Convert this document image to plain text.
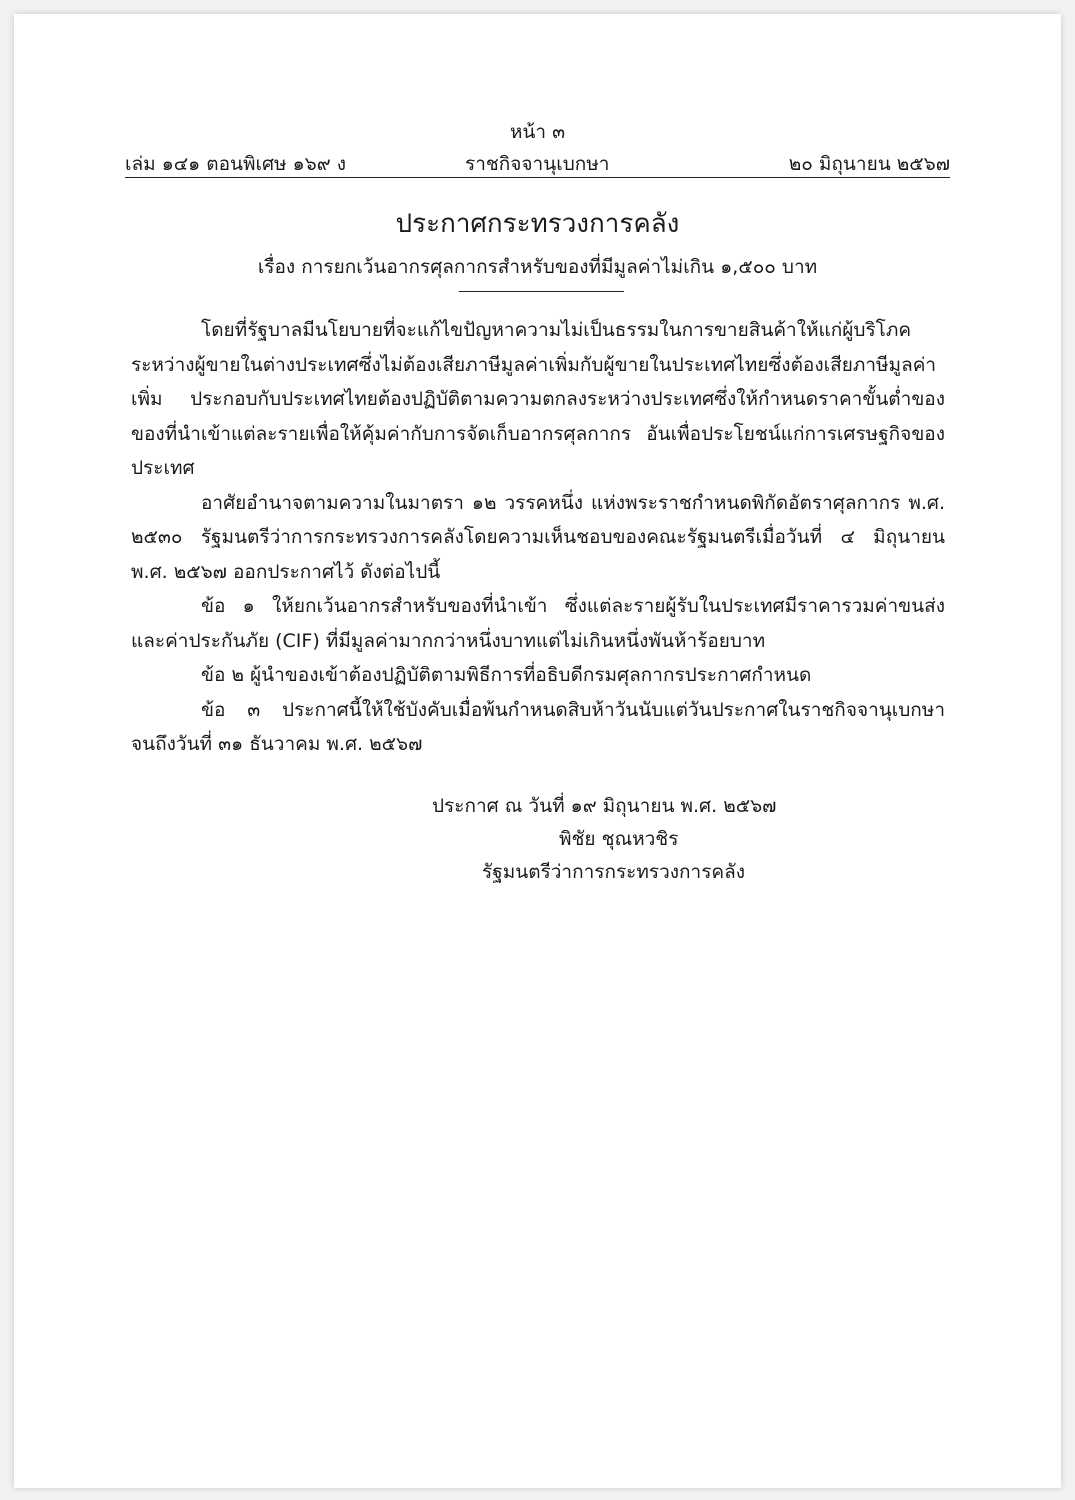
หน้า ๓
เล่ม ๑๔๑ ตอนพิเศษ ๑๖๙ ง	ราชกิจจานุเบกษา	๒๐ มิถุนายน ๒๕๖๗
ประกาศกระทรวงการคลัง
เรื่อง การยกเว้นอากรศุลกากรสำหรับของที่มีมูลค่าไม่เกิน ๑,๕๐๐ บาท

โดยที่รัฐบาลมีนโยบายที่จะแก้ไขปัญหาความไม่เป็นธรรมในการขายสินค้าให้แก่ผู้บริโภคระหว่างผู้ขายในต่างประเทศซึ่งไม่ต้องเสียภาษีมูลค่าเพิ่มกับผู้ขายในประเทศไทยซึ่งต้องเสียภาษีมูลค่าเพิ่ม ประกอบกับประเทศไทยต้องปฏิบัติตามความตกลงระหว่างประเทศซึ่งให้กำหนดราคาขั้นต่ำของของที่นำเข้าแต่ละรายเพื่อให้คุ้มค่ากับการจัดเก็บอากรศุลกากร อันเพื่อประโยชน์แก่การเศรษฐกิจของประเทศ

อาศัยอำนาจตามความในมาตรา ๑๒ วรรคหนึ่ง แห่งพระราชกำหนดพิกัดอัตราศุลกากร พ.ศ. ๒๕๓๐ รัฐมนตรีว่าการกระทรวงการคลังโดยความเห็นชอบของคณะรัฐมนตรีเมื่อวันที่ ๔ มิถุนายน พ.ศ. ๒๕๖๗ ออกประกาศไว้ ดังต่อไปนี้

ข้อ ๑ ให้ยกเว้นอากรสำหรับของที่นำเข้า ซึ่งแต่ละรายผู้รับในประเทศมีราคารวมค่าขนส่งและค่าประกันภัย (CIF) ที่มีมูลค่ามากกว่าหนึ่งบาทแต่ไม่เกินหนึ่งพันห้าร้อยบาท

ข้อ ๒ ผู้นำของเข้าต้องปฏิบัติตามพิธีการที่อธิบดีกรมศุลกากรประกาศกำหนด

ข้อ ๓ ประกาศนี้ให้ใช้บังคับเมื่อพ้นกำหนดสิบห้าวันนับแต่วันประกาศในราชกิจจานุเบกษาจนถึงวันที่ ๓๑ ธันวาคม พ.ศ. ๒๕๖๗

ประกาศ ณ วันที่ ๑๙ มิถุนายน พ.ศ. ๒๕๖๗
พิชัย ชุณหวชิร
รัฐมนตรีว่าการกระทรวงการคลัง
